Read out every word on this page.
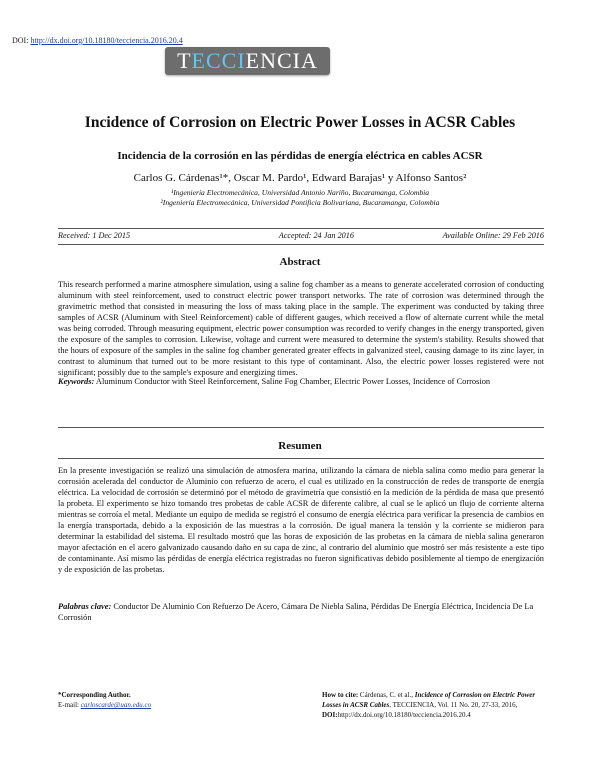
DOI: http://dx.doi.org/10.18180/tecciencia.2016.20.4
TECCIENCIA
Incidence of Corrosion on Electric Power Losses in ACSR Cables
Incidencia de la corrosión en las pérdidas de energía eléctrica en cables ACSR
Carlos G. Cárdenas¹*, Oscar M. Pardo¹, Edward Barajas¹ y Alfonso Santos²
¹Ingeniería Electromecánica, Universidad Antonio Nariño, Bucaramanga, Colombia
²Ingeniería Electromecánica, Universidad Pontificia Bolivariana, Bucaramanga, Colombia
Received: 1 Dec 2015	Accepted: 24 Jan 2016	Available Online: 29 Feb 2016
Abstract
This research performed a marine atmosphere simulation, using a saline fog chamber as a means to generate accelerated corrosion of conducting aluminum with steel reinforcement, used to construct electric power transport networks. The rate of corrosion was determined through the gravimetric method that consisted in measuring the loss of mass taking place in the sample. The experiment was conducted by taking three samples of ACSR (Aluminum with Steel Reinforcement) cable of different gauges, which received a flow of alternate current while the metal was being corroded. Through measuring equipment, electric power consumption was recorded to verify changes in the energy transported, given the exposure of the samples to corrosion. Likewise, voltage and current were measured to determine the system's stability. Results showed that the hours of exposure of the samples in the saline fog chamber generated greater effects in galvanized steel, causing damage to its zinc layer, in contrast to aluminum that turned out to be more resistant to this type of contaminant. Also, the electric power losses registered were not significant; possibly due to the sample's exposure and energizing times.
Keywords: Aluminum Conductor with Steel Reinforcement, Saline Fog Chamber, Electric Power Losses, Incidence of Corrosion
Resumen
En la presente investigación se realizó una simulación de atmosfera marina, utilizando la cámara de niebla salina como medio para generar la corrosión acelerada del conductor de Aluminio con refuerzo de acero, el cual es utilizado en la construcción de redes de transporte de energía eléctrica. La velocidad de corrosión se determinó por el método de gravimetría que consistió en la medición de la pérdida de masa que presentó la probeta. El experimento se hizo tomando tres probetas de cable ACSR de diferente calibre, al cual se le aplicó un flujo de corriente alterna mientras se corroía el metal. Mediante un equipo de medida se registró el consumo de energía eléctrica para verificar la presencia de cambios en la energía transportada, debido a la exposición de las muestras a la corrosión. De igual manera la tensión y la corriente se midieron para determinar la estabilidad del sistema. El resultado mostró que las horas de exposición de las probetas en la cámara de niebla salina generaron mayor afectación en el acero galvanizado causando daño en su capa de zinc, al contrario del aluminio que mostró ser más resistente a este tipo de contaminante. Así mismo las pérdidas de energía eléctrica registradas no fueron significativas debido posiblemente al tiempo de energización y de exposición de las probetas.
Palabras clave: Conductor De Aluminio Con Refuerzo De Acero, Cámara De Niebla Salina, Pérdidas De Energía Eléctrica, Incidencia De La Corrosión
*Corresponding Author.
E-mail: carloscarde@uan.edu.co
How to cite: Cárdenas, C. et al., Incidence of Corrosion on Electric Power Losses in ACSR Cables, TECCIENCIA, Vol. 11 No. 20, 27-33, 2016, DOI:http://dx.doi.org/10.18180/tecciencia.2016.20.4
